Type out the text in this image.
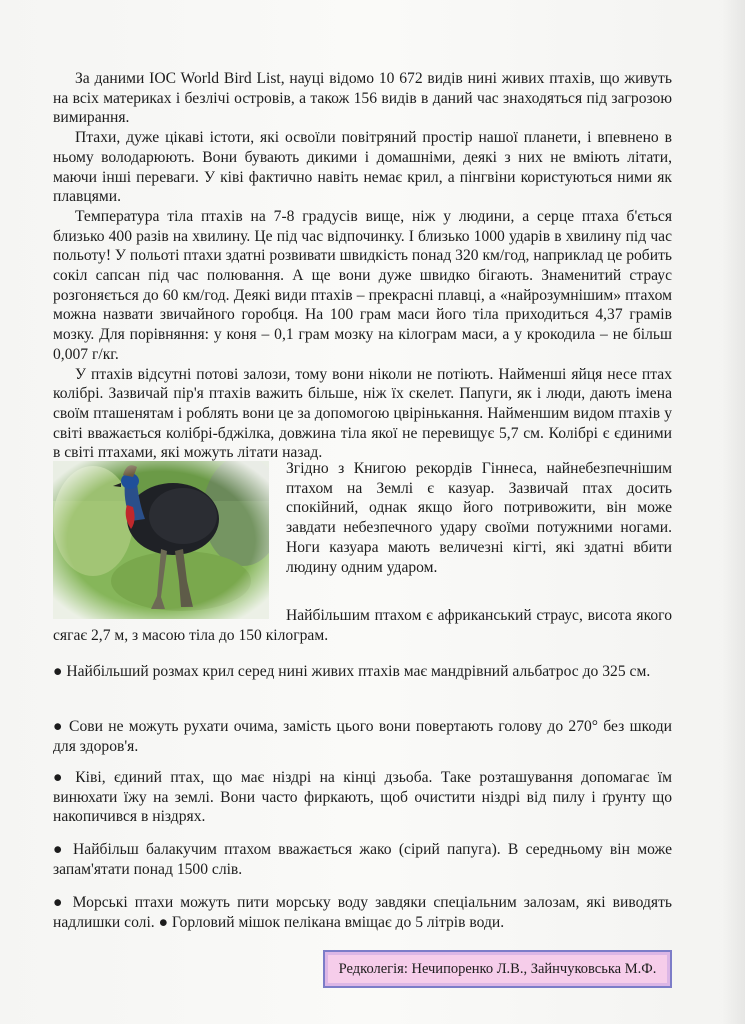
За даними IOC World Bird List, науці відомо 10 672 видів нині живих птахів, що живуть на всіх материках і безлічі островів, а також 156 видів в даний час знаходяться під загрозою вимирання.

Птахи, дуже цікаві істоти, які освоїли повітряний простір нашої планети, і впевнено в ньому володарюють. Вони бувають дикими і домашніми, деякі з них не вміють літати, маючи інші переваги. У ківі фактично навіть немає крил, а пінгвіни користуються ними як плавцями.

Температура тіла птахів на 7-8 градусів вище, ніж у людини, а серце птаха б'ється близько 400 разів на хвилину. Це під час відпочинку. І близько 1000 ударів в хвилину під час польоту! У польоті птахи здатні розвивати швидкість понад 320 км/год, наприклад це робить сокіл сапсан під час полювання. А ще вони дуже швидко бігають. Знаменитий страус розгоняється до 60 км/год. Деякі види птахів – прекрасні плавці, а «найрозумнішим» птахом можна назвати звичайного горобця. На 100 грам маси його тіла приходиться 4,37 грамів мозку. Для порівняння: у коня – 0,1 грам мозку на кілограм маси, а у крокодила – не більш 0,007 г/кг.

У птахів відсутні потові залози, тому вони ніколи не потіють. Найменші яйця несе птах колібрі. Зазвичай пір'я птахів важить більше, ніж їх скелет. Папуги, як і люди, дають імена своїм пташенятам і роблять вони це за допомогою цвірінькання. Найменшим видом птахів у світі вважається колібрі-бджілка, довжина тіла якої не перевищує 5,7 см. Колібрі є єдиними в світі птахами, які можуть літати назад.

Згідно з Книгою рекордів Гіннеса, найнебезпечнішим птахом на Землі є казуар. Зазвичай птах досить спокійний, однак якщо його потривожити, він може завдати небезпечного удару своїми потужними ногами. Ноги казуара мають величезні кігті, які здатні вбити людину одним ударом.

Найбільшим птахом є африканський страус, висота якого сягає 2,7 м, з масою тіла до 150 кілограм.

● Найбільший розмах крил серед нині живих птахів має мандрівний альбатрос до 325 см.

● Сови не можуть рухати очима, замість цього вони повертають голову до 270° без шкоди для здоров'я.

● Ківі, єдиний птах, що має ніздрі на кінці дзьоба. Таке розташування допомагає їм винюхати їжу на землі. Вони часто фиркають, щоб очистити ніздрі від пилу і ґрунту що накопичився в ніздрях.

● Найбільш балакучим птахом вважається жако (сірий папуга). В середньому він може запам'ятати понад 1500 слів.

● Морські птахи можуть пити морську воду завдяки спеціальним залозам, які виводять надлишки солі. ● Горловий мішок пелікана вміщає до 5 літрів води.

Редколегія: Нечипоренко Л.В., Зайнчуковська М.Ф.
